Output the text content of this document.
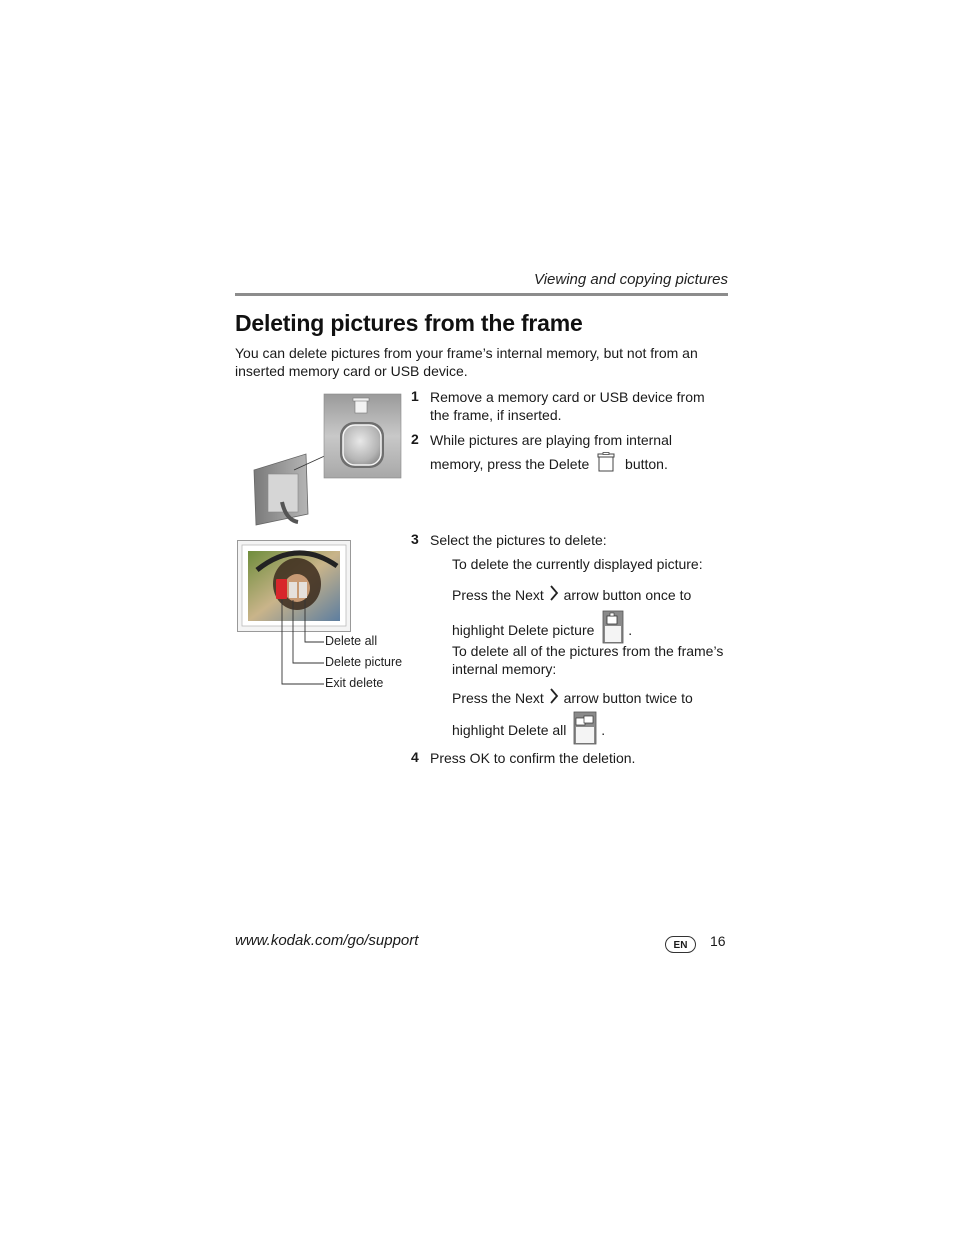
Viewing and copying pictures
Deleting pictures from the frame
You can delete pictures from your frame’s internal memory, but not from an inserted memory card or USB device.
Delete all
Delete picture
Exit delete
1 Remove a memory card or USB device from the frame, if inserted.
2 While pictures are playing from internal memory, press the Delete	button.
3 Select the pictures to delete:
To delete the currently displayed picture:
Press the Next arrow button once to highlight Delete picture .
To delete all of the pictures from the frame’s internal memory:
Press the Next arrow button twice to highlight Delete all .
4 Press OK to confirm the deletion.
www.kodak.com/go/support	EN	16
